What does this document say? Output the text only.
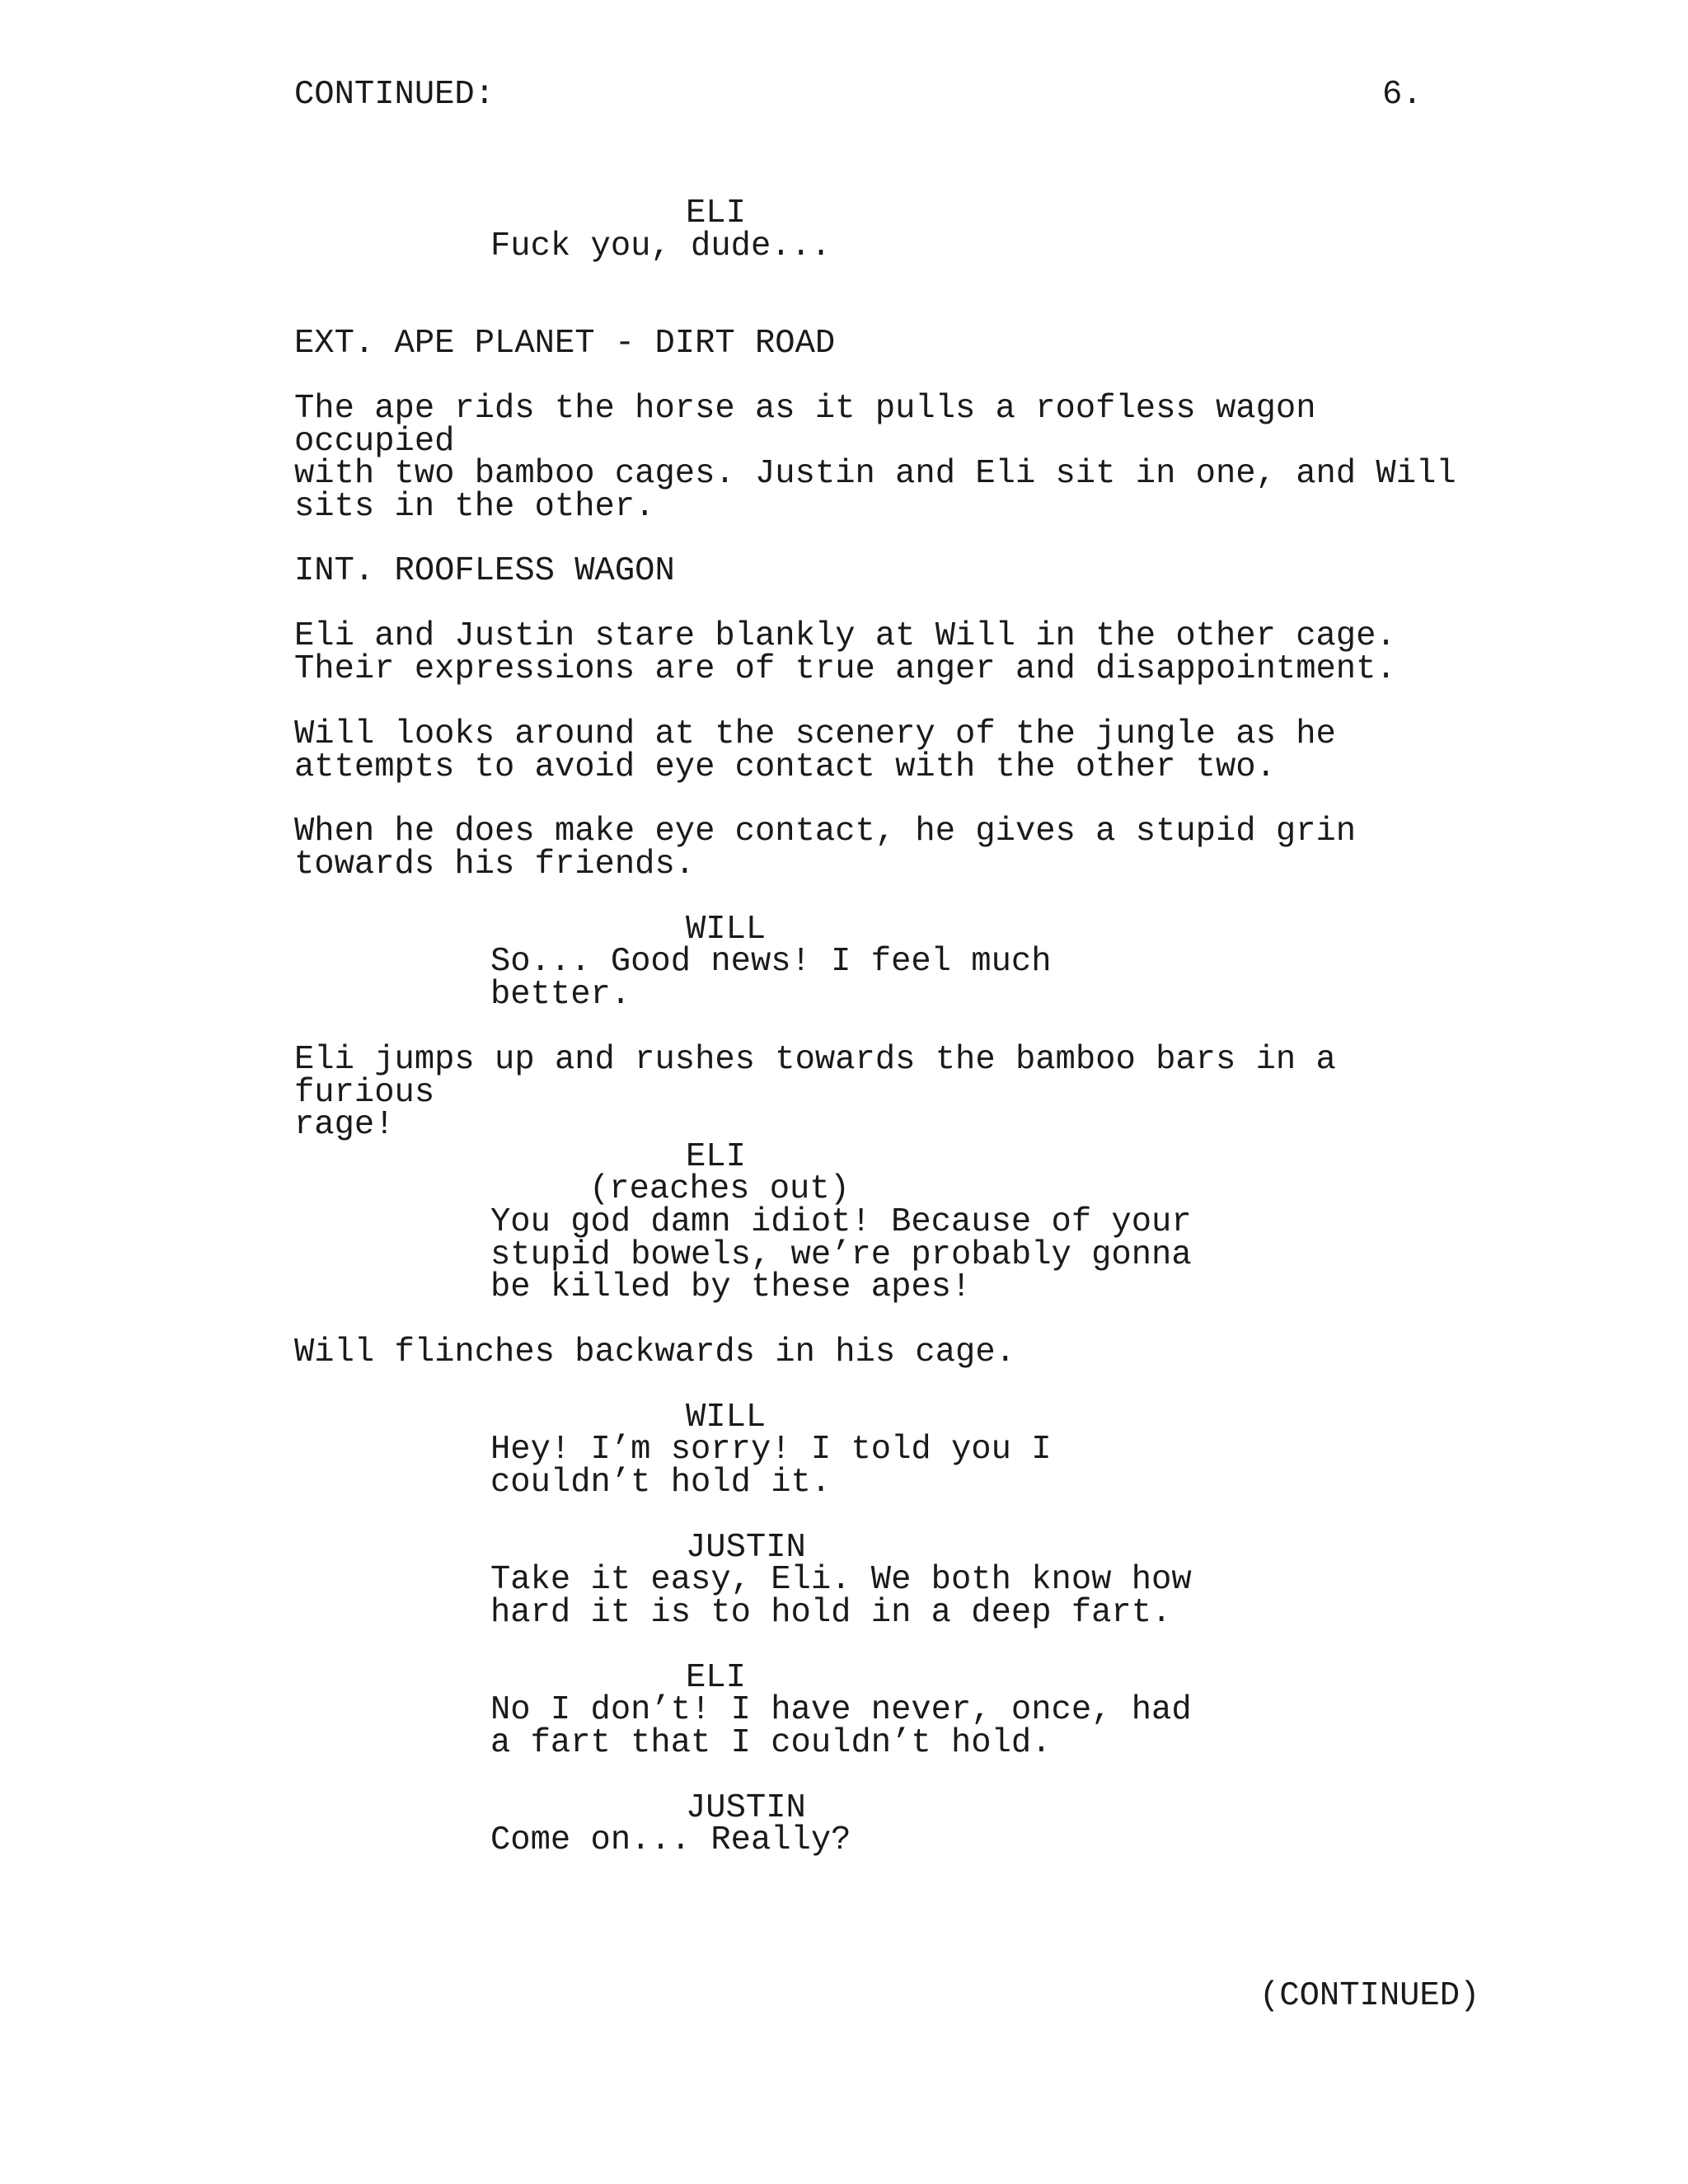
CONTINUED:	6.
ELI
Fuck you, dude...
EXT. APE PLANET - DIRT ROAD
The ape rids the horse as it pulls a roofless wagon occupied
with two bamboo cages. Justin and Eli sit in one, and Will
sits in the other.
INT. ROOFLESS WAGON
Eli and Justin stare blankly at Will in the other cage.
Their expressions are of true anger and disappointment.
Will looks around at the scenery of the jungle as he
attempts to avoid eye contact with the other two.
When he does make eye contact, he gives a stupid grin
towards his friends.
WILL
So... Good news! I feel much
better.
Eli jumps up and rushes towards the bamboo bars in a furious
rage!
ELI
(reaches out)
You god damn idiot! Because of your
stupid bowels, we’re probably gonna
be killed by these apes!
Will flinches backwards in his cage.
WILL
Hey! I’m sorry! I told you I
couldn’t hold it.
JUSTIN
Take it easy, Eli. We both know how
hard it is to hold in a deep fart.
ELI
No I don’t! I have never, once, had
a fart that I couldn’t hold.
JUSTIN
Come on... Really?
(CONTINUED)
